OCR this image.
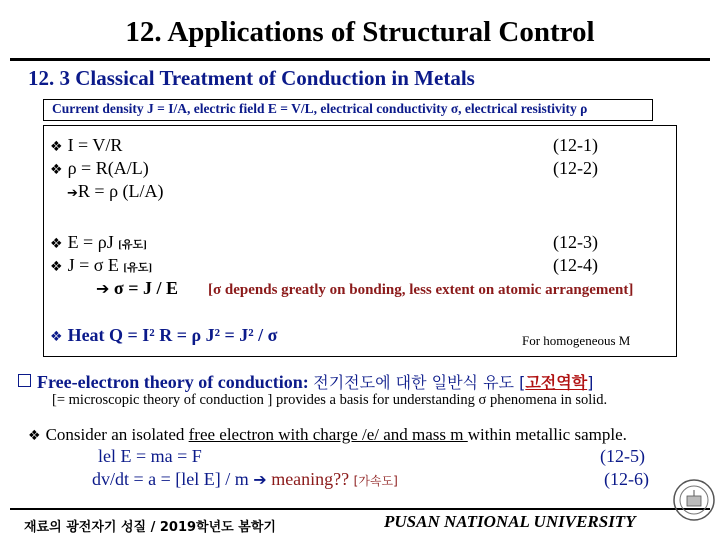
12. Applications of Structural Control
12. 3 Classical Treatment of Conduction in Metals
Current density J = I/A, electric field E = V/L, electrical conductivity σ, electrical resistivity ρ
❖ I = V/R	(12-1)
❖ ρ = R(A/L)	(12-2)
➔R = ρ (L/A)
❖ E = ρJ [유도]	(12-3)
❖ J = σ E [유도]	(12-4)
➔ σ = J / E [σ depends greatly on bonding, less extent on atomic arrangement]
❖ Heat Q = I² R = ρ J² = J² / σ	For homogeneous M
Free-electron theory of conduction: 전기전도에 대한 일반식 유도 [고전역학]
[= microscopic theory of conduction ] provides a basis for understanding σ phenomena in solid.
❖ Consider an isolated free electron with charge /e/ and mass m within metallic sample.
lel E = ma = F	(12-5)
dv/dt = a = [lel E] / m ➔ meaning?? [가속도]	(12-6)
재료의 광전자기 성질 / 2019학년도 봄학기	PUSAN NATIONAL UNIVERSITY
